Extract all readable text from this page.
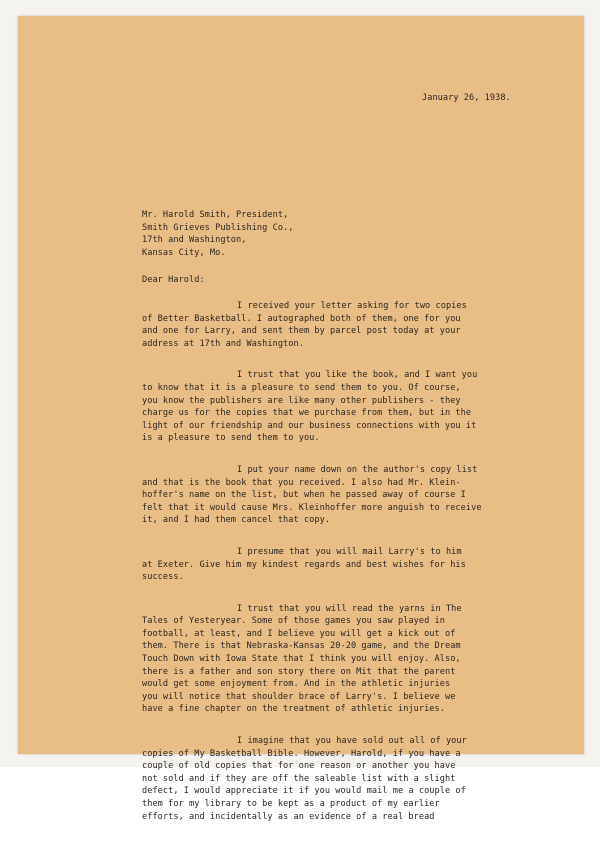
January 26, 1938.
Mr. Harold Smith, President,
Smith Grieves Publishing Co.,
17th and Washington,
Kansas City, Mo.
Dear Harold:
I received your letter asking for two copies
of Better Basketball. I autographed both of them, one for you
and one for Larry, and sent them by parcel post today at your
address at 17th and Washington.
I trust that you like the book, and I want you
to know that it is a pleasure to send them to you. Of course,
you know the publishers are like many other publishers - they
charge us for the copies that we purchase from them, but in the
light of our friendship and our business connections with you it
is a pleasure to send them to you.
I put your name down on the author's copy list
and that is the book that you received. I also had Mr. Klein-
hoffer's name on the list, but when he passed away of course I
felt that it would cause Mrs. Kleinhoffer more anguish to receive
it, and I had them cancel that copy.
I presume that you will mail Larry's to him
at Exeter. Give him my kindest regards and best wishes for his
success.
I trust that you will read the yarns in The
Tales of Yesteryear. Some of those games you saw played in
football, at least, and I believe you will get a kick out of
them. There is that Nebraska-Kansas 20-20 game, and the Dream
Touch Down with Iowa State that I think you will enjoy. Also,
there is a father and son story there on Mit that the parent
would get some enjoyment from. And in the athletic injuries
you will notice that shoulder brace of Larry's. I believe we
have a fine chapter on the treatment of athletic injuries.
I imagine that you have sold out all of your
copies of My Basketball Bible. However, Harold, if you have a
couple of old copies that for one reason or another you have
not sold and if they are off the saleable list with a slight
defect, I would appreciate it if you would mail me a couple of
them for my library to be kept as a product of my earlier
efforts, and incidentally as an evidence of a real bread
